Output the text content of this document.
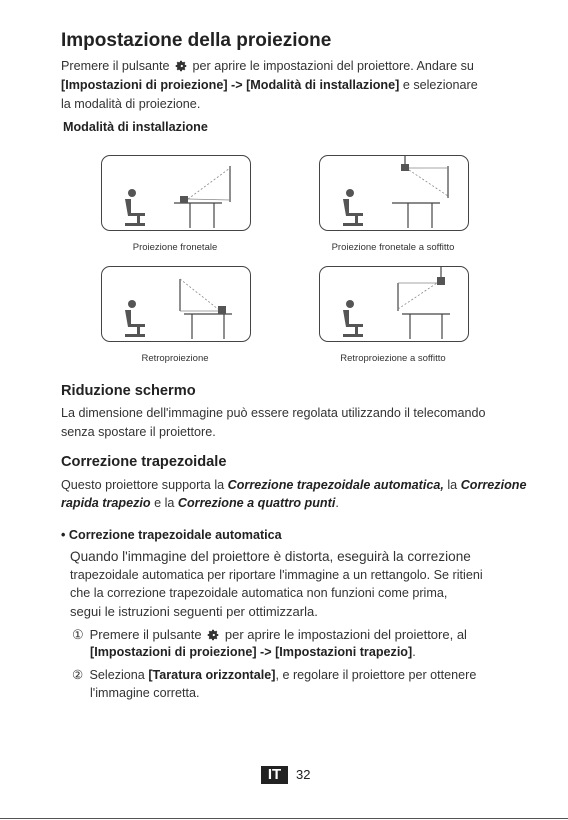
Impostazione della proiezione

Premere il pulsante per aprire le impostazioni del proiettore. Andare su

[Impostazioni di proiezione] -> [Modalità di installazione] e selezionare

la modalità di proiezione.

Modalità di installazione
Proiezione fronetale	Proiezione fronetale a soffitto
Retroproiezione	Retroproiezione a soffitto
Riduzione schermo

La dimensione dell'immagine può essere regolata utilizzando il telecomando

senza spostare il proiettore.

Correzione trapezoidale

Questo proiettore supporta la Correzione trapezoidale automatica, la Correzione

rapida trapezio e la Correzione a quattro punti.

• Correzione trapezoidale automatica

Quando l'immagine del proiettore è distorta, eseguirà la correzione

trapezoidale automatica per riportare l'immagine a un rettangolo. Se ritieni

che la correzione trapezoidale automatica non funzioni come prima,

segui le istruzioni seguenti per ottimizzarla.

① Premere il pulsante per aprire le impostazioni del proiettore, al

[Impostazioni di proiezione] -> [Impostazioni trapezio].

② Seleziona [Taratura orizzontale], e regolare il proiettore per ottenere

l'immagine corretta.

IT	32
